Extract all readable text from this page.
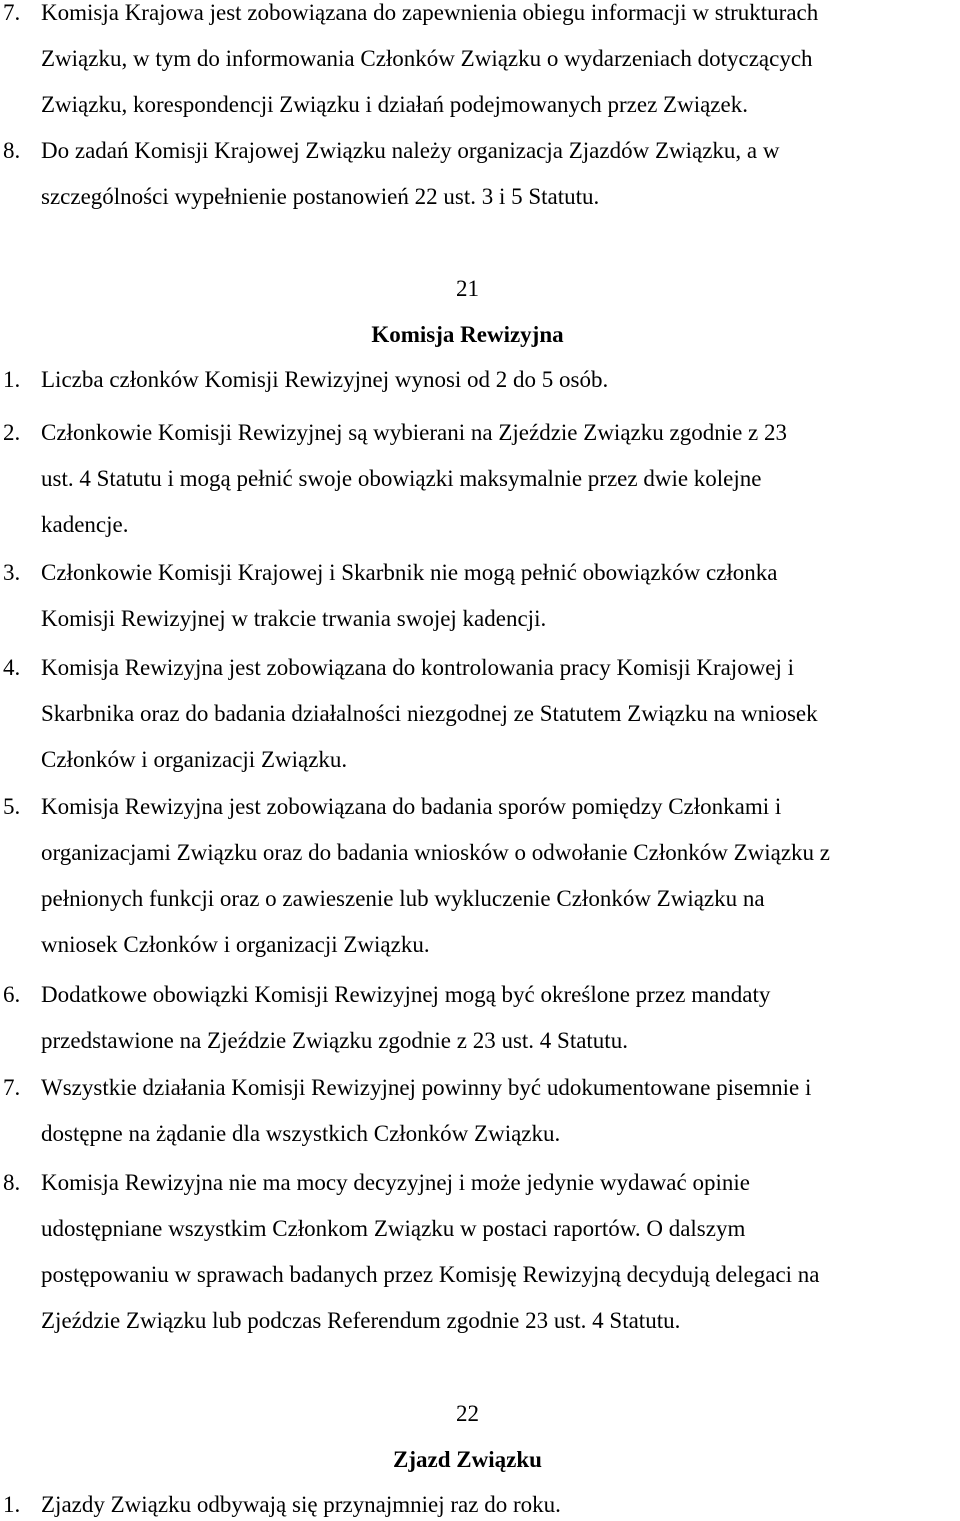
7. Komisja Krajowa jest zobowiązana do zapewnienia obiegu informacji w strukturach
Związku, w tym do informowania Członków Związku o wydarzeniach dotyczących
Związku, korespondencji Związku i działań podejmowanych przez Związek.
8. Do zadań Komisji Krajowej Związku należy organizacja Zjazdów Związku, a w
szczególności wypełnienie postanowień 22 ust. 3 i 5 Statutu.
21
Komisja Rewizyjna
1. Liczba członków Komisji Rewizyjnej wynosi od 2 do 5 osób.
2. Członkowie Komisji Rewizyjnej są wybierani na Zjeździe Związku zgodnie z 23
ust. 4 Statutu i mogą pełnić swoje obowiązki maksymalnie przez dwie kolejne
kadencje.
3. Członkowie Komisji Krajowej i Skarbnik nie mogą pełnić obowiązków członka
Komisji Rewizyjnej w trakcie trwania swojej kadencji.
4. Komisja Rewizyjna jest zobowiązana do kontrolowania pracy Komisji Krajowej i
Skarbnika oraz do badania działalności niezgodnej ze Statutem Związku na wniosek
Członków i organizacji Związku.
5. Komisja Rewizyjna jest zobowiązana do badania sporów pomiędzy Członkami i
organizacjami Związku oraz do badania wniosków o odwołanie Członków Związku z
pełnionych funkcji oraz o zawieszenie lub wykluczenie Członków Związku na
wniosek Członków i organizacji Związku.
6. Dodatkowe obowiązki Komisji Rewizyjnej mogą być określone przez mandaty
przedstawione na Zjeździe Związku zgodnie z 23 ust. 4 Statutu.
7. Wszystkie działania Komisji Rewizyjnej powinny być udokumentowane pisemnie i
dostępne na żądanie dla wszystkich Członków Związku.
8. Komisja Rewizyjna nie ma mocy decyzyjnej i może jedynie wydawać opinie
udostępniane wszystkim Członkom Związku w postaci raportów. O dalszym
postępowaniu w sprawach badanych przez Komisję Rewizyjną decydują delegaci na
Zjeździe Związku lub podczas Referendum zgodnie 23 ust. 4 Statutu.
22
Zjazd Związku
1. Zjazdy Związku odbywają się przynajmniej raz do roku.
